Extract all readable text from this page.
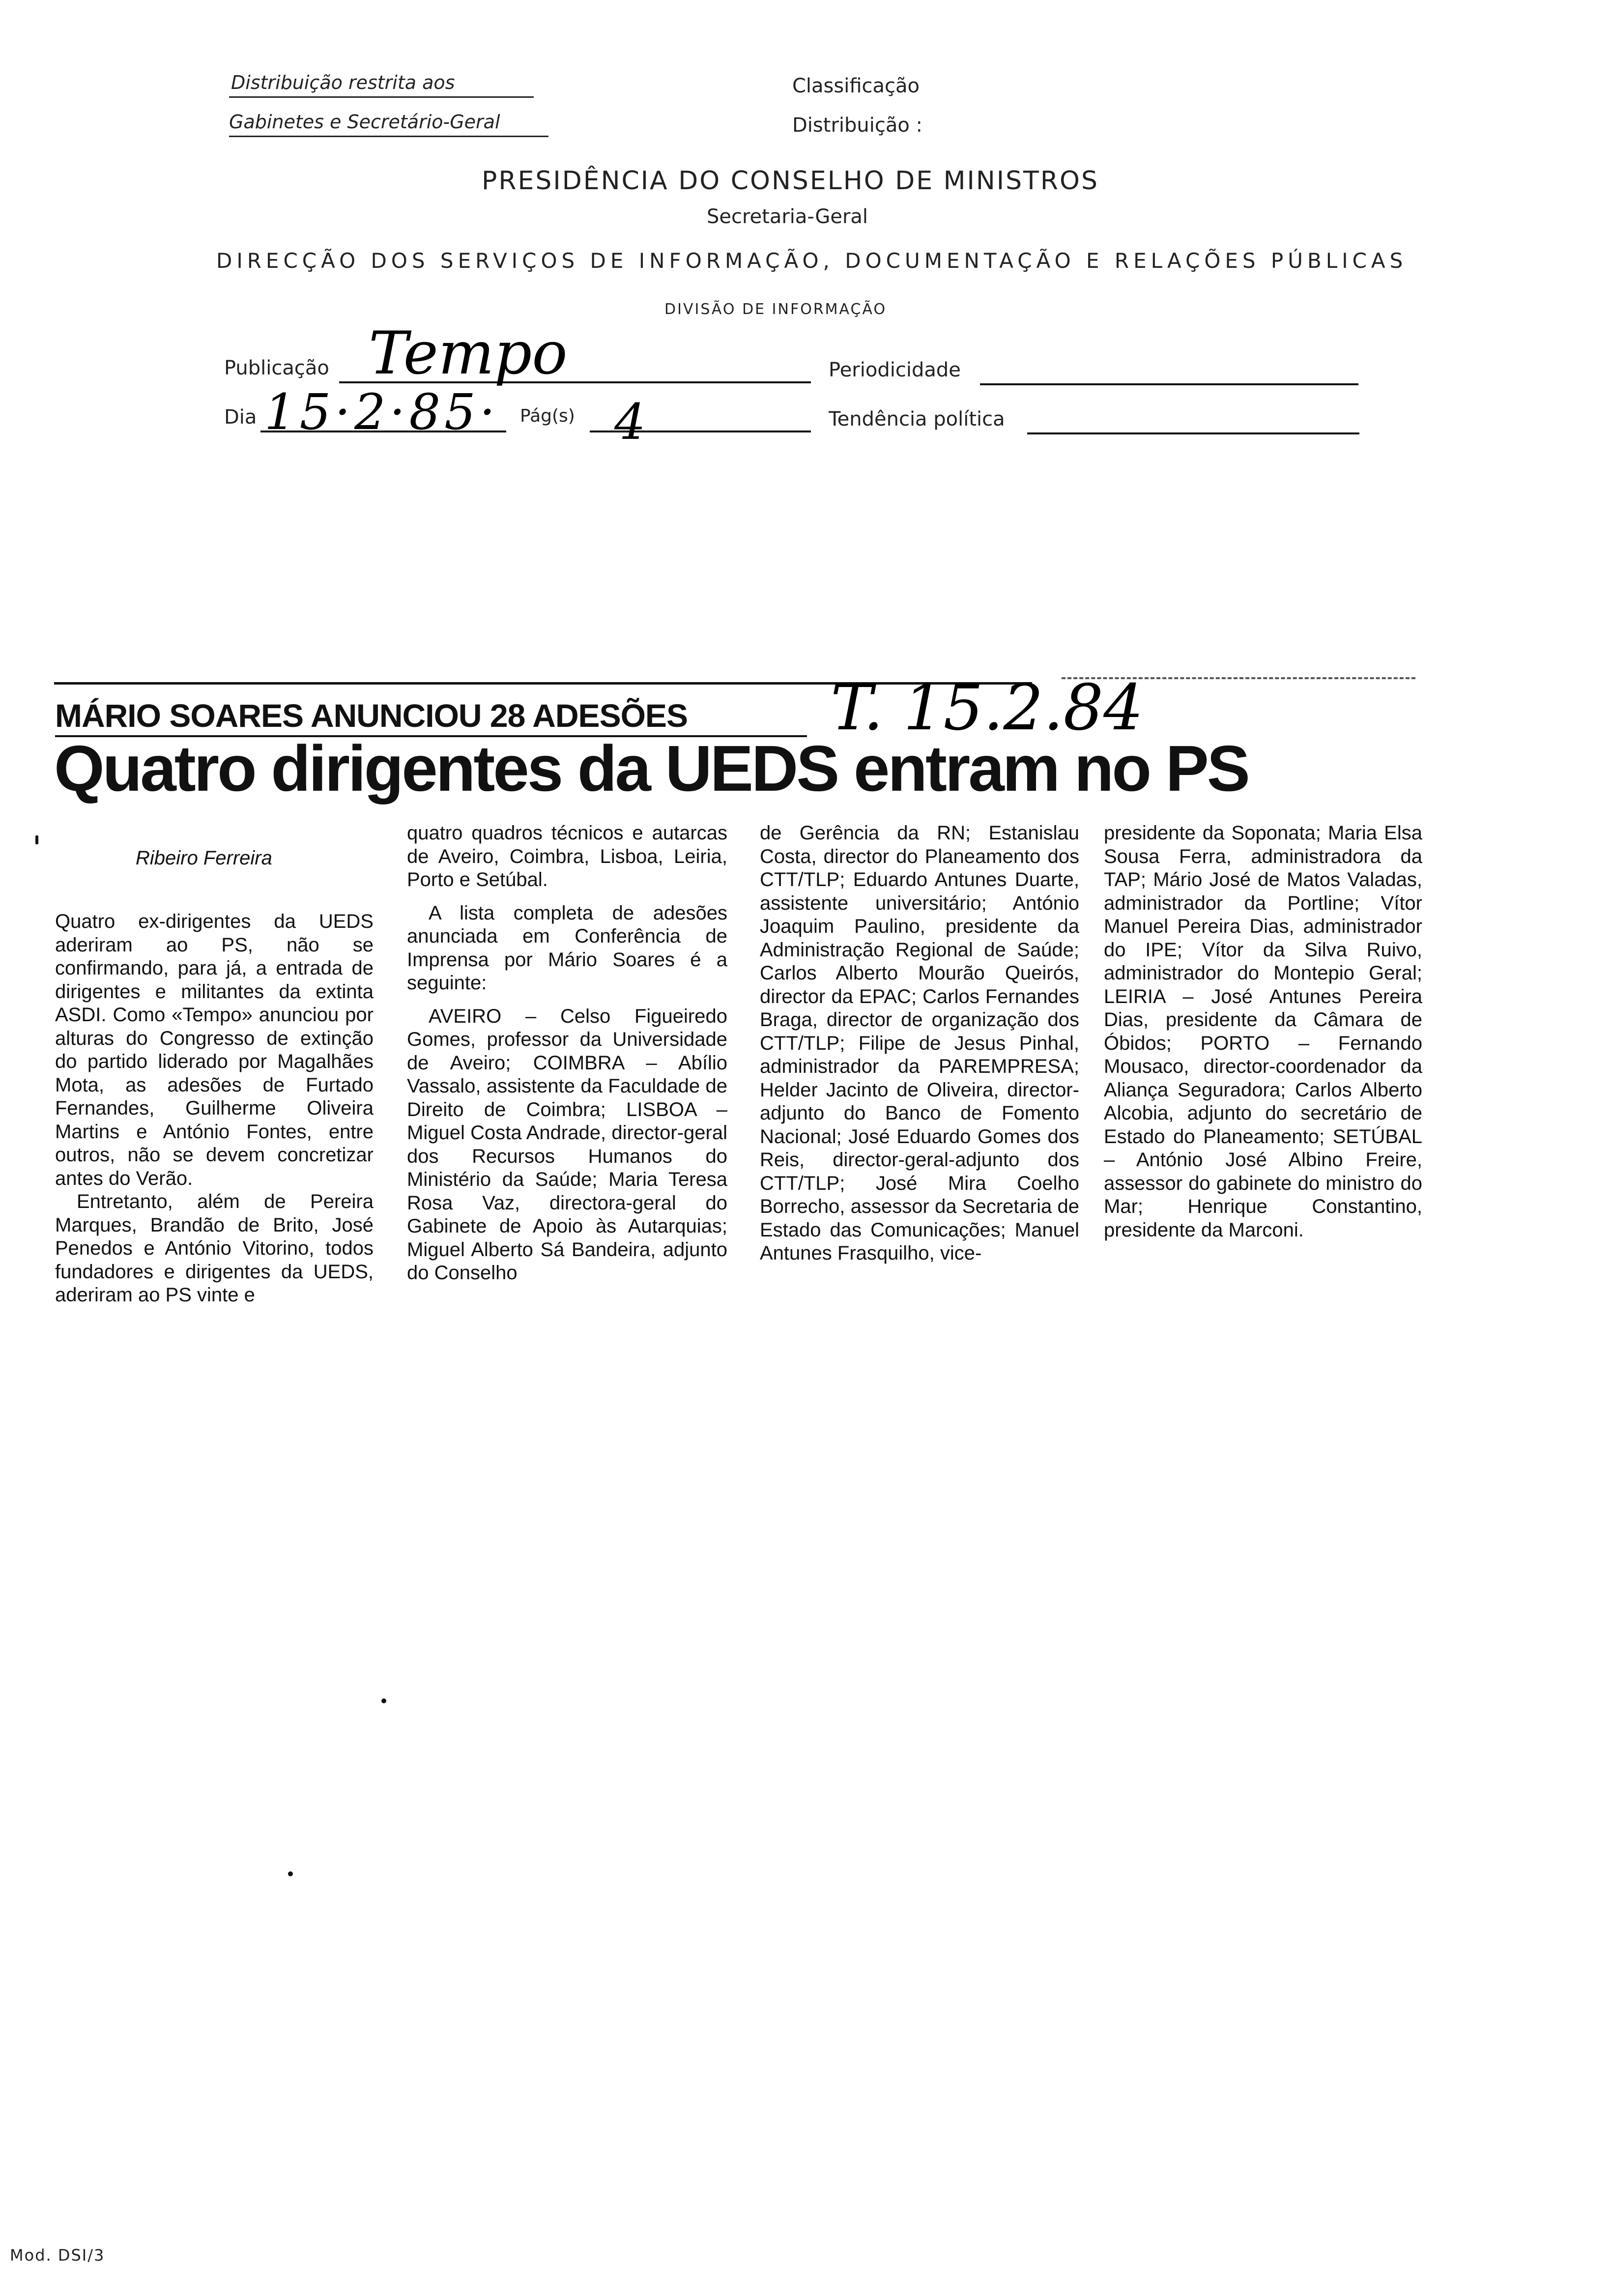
Distribuição restrita aos
Gabinetes e Secretário-Geral
Classificação
Distribuição :
PRESIDÊNCIA DO CONSELHO DE MINISTROS
Secretaria-Geral
DIRECÇÃO DOS SERVIÇOS DE INFORMAÇÃO, DOCUMENTAÇÃO E RELAÇÕES PÚBLICAS
DIVISÃO DE INFORMAÇÃO
Publicação Tempo	Periodicidade
Dia 15·2·85· Pág(s) 4	Tendência política
MÁRIO SOARES ANUNCIOU 28 ADESÕES T. 15.2.84
Quatro dirigentes da UEDS entram no PS
Ribeiro Ferreira

Quatro ex-dirigentes da UEDS aderiram ao PS, não se confirmando, para já, a entrada de dirigentes e militantes da extinta ASDI. Como «Tempo» anunciou por alturas do Congresso de extinção do partido liderado por Magalhães Mota, as adesões de Furtado Fernandes, Guilherme Oliveira Martins e António Fontes, entre outros, não se devem concretizar antes do Verão.

Entretanto, além de Pereira Marques, Brandão de Brito, José Penedos e António Vitorino, todos fundadores e dirigentes da UEDS, aderiram ao PS vinte e

quatro quadros técnicos e autarcas de Aveiro, Coimbra, Lisboa, Leiria, Porto e Setúbal.

A lista completa de adesões anunciada em Conferência de Imprensa por Mário Soares é a seguinte:

AVEIRO – Celso Figueiredo Gomes, professor da Universidade de Aveiro; COIMBRA – Abílio Vassalo, assistente da Faculdade de Direito de Coimbra; LISBOA – Miguel Costa Andrade, director-geral dos Recursos Humanos do Ministério da Saúde; Maria Teresa Rosa Vaz, directora-geral do Gabinete de Apoio às Autarquias; Miguel Alberto Sá Bandeira, adjunto do Conselho

de Gerência da RN; Estanislau Costa, director do Planeamento dos CTT/TLP; Eduardo Antunes Duarte, assistente universitário; António Joaquim Paulino, presidente da Administração Regional de Saúde; Carlos Alberto Mourão Queirós, director da EPAC; Carlos Fernandes Braga, director de organização dos CTT/TLP; Filipe de Jesus Pinhal, administrador da PAREMPRESA; Helder Jacinto de Oliveira, director-adjunto do Banco de Fomento Nacional; José Eduardo Gomes dos Reis, director-geral-adjunto dos CTT/TLP; José Mira Coelho Borrecho, assessor da Secretaria de Estado das Comunicações; Manuel Antunes Frasquilho, vice-

presidente da Soponata; Maria Elsa Sousa Ferra, administradora da TAP; Mário José de Matos Valadas, administrador da Portline; Vítor Manuel Pereira Dias, administrador do IPE; Vítor da Silva Ruivo, administrador do Montepio Geral; LEIRIA – José Antunes Pereira Dias, presidente da Câmara de Óbidos; PORTO – Fernando Mousaco, director-coordenador da Aliança Seguradora; Carlos Alberto Alcobia, adjunto do secretário de Estado do Planeamento; SETÚBAL – António José Albino Freire, assessor do gabinete do ministro do Mar; Henrique Constantino, presidente da Marconi.

Mod. DSI/3
